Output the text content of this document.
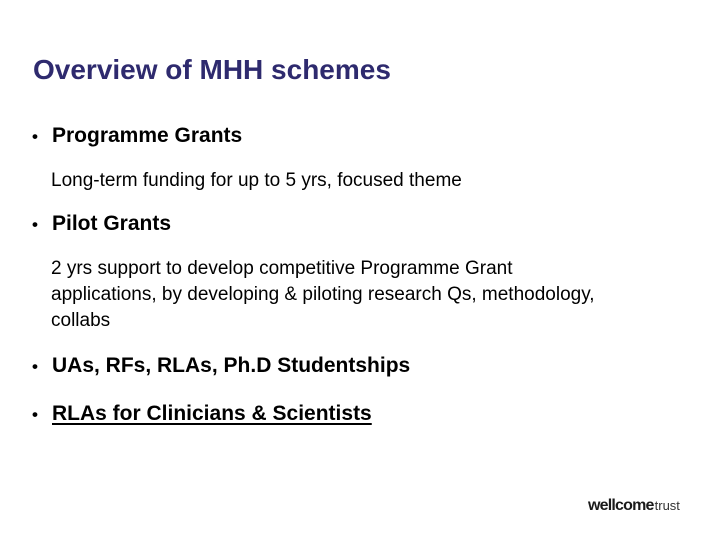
Overview of MHH schemes
• Programme Grants
Long-term funding for up to 5 yrs, focused theme
• Pilot Grants
2 yrs support to develop competitive Programme Grant
applications, by developing & piloting research Qs, methodology,
collabs
• UAs, RFs, RLAs, Ph.D Studentships
• RLAs for Clinicians & Scientists
wellcome trust
